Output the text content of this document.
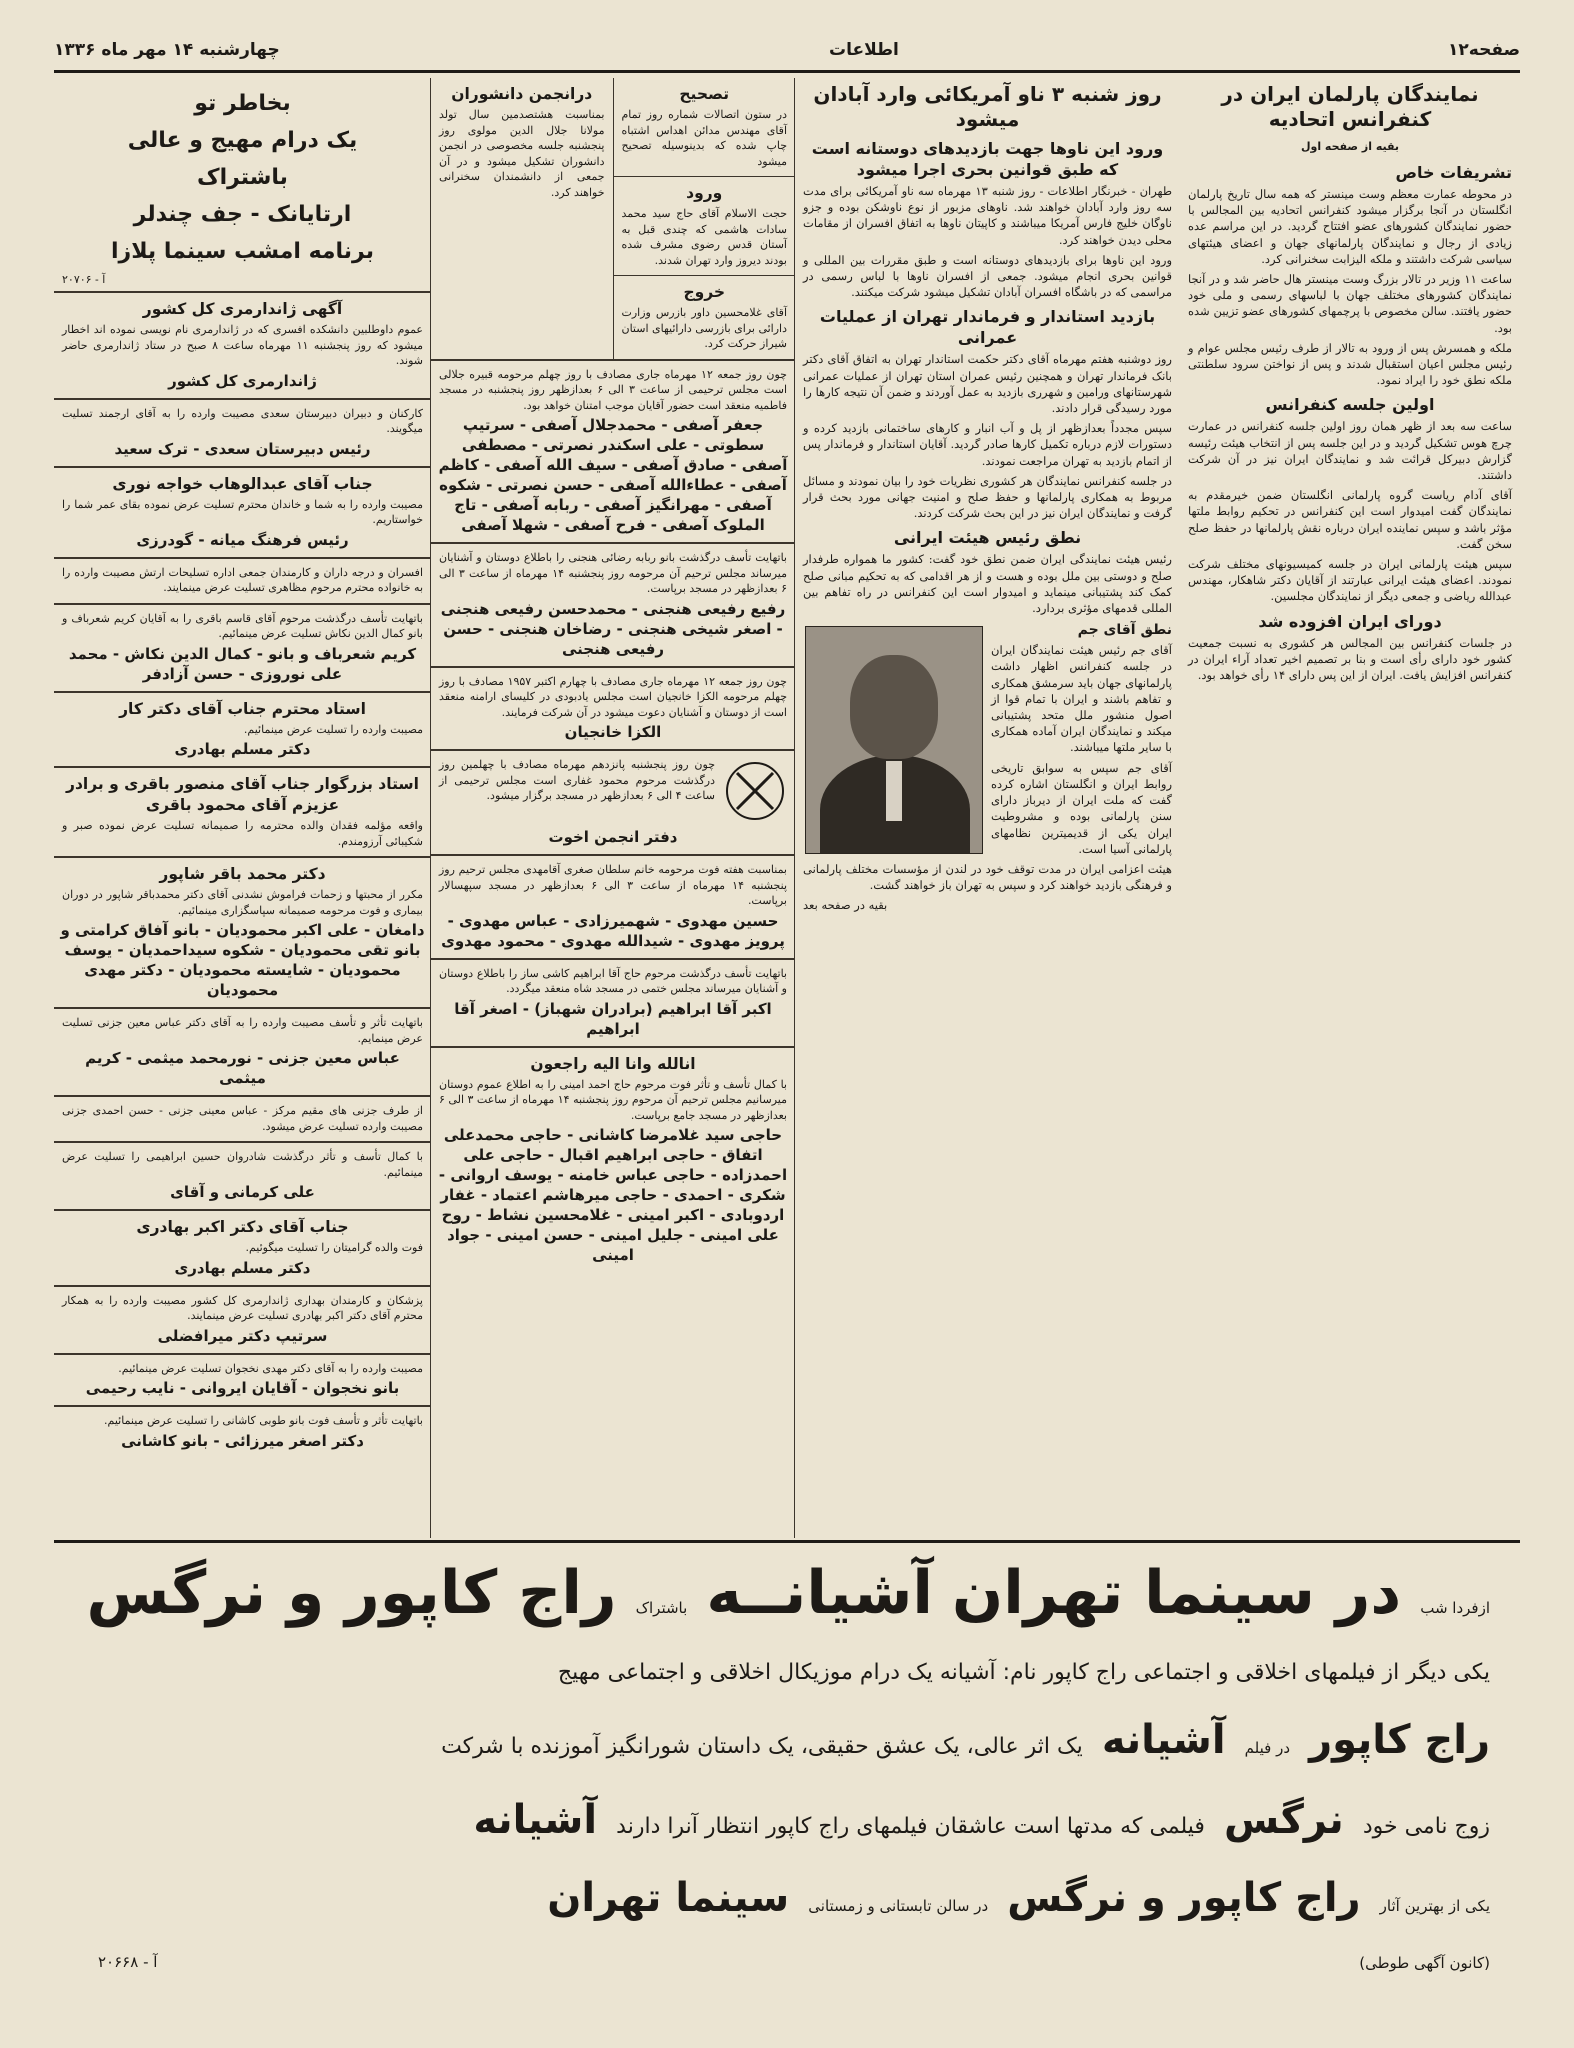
صفحه۱۲
اطلاعات
چهارشنبه ۱۴ مهر ماه ۱۳۳۶
نمایندگان پارلمان ایران در کنفرانس اتحادیه
بقیه از صفحه اول
تشریفات خاص

در محوطه عمارت معظم وست مینستر که همه سال تاریخ پارلمان انگلستان در آنجا برگزار میشود کنفرانس اتحادیه بین المجالس با حضور نمایندگان کشورهای عضو افتتاح گردید. در این مراسم عده زیادی از رجال و نمایندگان پارلمانهای جهان و اعضای هیئتهای سیاسی شرکت داشتند و ملکه الیزابت سخنرانی کرد.

ساعت ۱۱ وزیر در تالار بزرگ وست مینستر هال حاضر شد و در آنجا نمایندگان کشورهای مختلف جهان با لباسهای رسمی و ملی خود حضور یافتند. سالن مخصوص با پرچمهای کشورهای عضو تزیین شده بود.

ملکه و همسرش پس از ورود به تالار از طرف رئیس مجلس عوام و رئیس مجلس اعیان استقبال شدند و پس از نواختن سرود سلطنتی ملکه نطق خود را ایراد نمود.

اولین جلسه کنفرانس

ساعت سه بعد از ظهر همان روز اولین جلسه کنفرانس در عمارت چرچ هوس تشکیل گردید و در این جلسه پس از انتخاب هیئت رئیسه گزارش دبیرکل قرائت شد و نمایندگان ایران نیز در آن شرکت داشتند.

آقای آدام ریاست گروه پارلمانی انگلستان ضمن خیرمقدم به نمایندگان گفت امیدوار است این کنفرانس در تحکیم روابط ملتها مؤثر باشد و سپس نماینده ایران درباره نقش پارلمانها در حفظ صلح سخن گفت.

سپس هیئت پارلمانی ایران در جلسه کمیسیونهای مختلف شرکت نمودند. اعضای هیئت ایرانی عبارتند از آقایان دکتر شاهکار، مهندس عبدالله ریاضی و جمعی دیگر از نمایندگان مجلسین.

دورای ایران افزوده شد

در جلسات کنفرانس بین المجالس هر کشوری به نسبت جمعیت کشور خود دارای رأی است و بنا بر تصمیم اخیر تعداد آراء ایران در کنفرانس افزایش یافت. ایران از این پس دارای ۱۴ رأی خواهد بود.

روز شنبه ۳ ناو آمریکائی وارد آبادان میشود
ورود این ناوها جهت بازدیدهای دوستانه است که طبق قوانین بحری اجرا میشود

طهران - خبرنگار اطلاعات - روز شنبه ۱۳ مهرماه سه ناو آمریکائی برای مدت سه روز وارد آبادان خواهند شد. ناوهای مزبور از نوع ناوشکن بوده و جزو ناوگان خلیج فارس آمریکا میباشند و کاپیتان ناوها به اتفاق افسران از مقامات محلی دیدن خواهند کرد.

ورود این ناوها برای بازدیدهای دوستانه است و طبق مقررات بین المللی و قوانین بحری انجام میشود. جمعی از افسران ناوها با لباس رسمی در مراسمی که در باشگاه افسران آبادان تشکیل میشود شرکت میکنند.

بازدید استاندار و فرماندار تهران از عملیات عمرانی

روز دوشنبه هفتم مهرماه آقای دکتر حکمت استاندار تهران به اتفاق آقای دکتر بانک فرماندار تهران و همچنین رئیس عمران استان تهران از عملیات عمرانی شهرستانهای ورامین و شهرری بازدید به عمل آوردند و ضمن آن نتیجه کارها را مورد رسیدگی قرار دادند.

سپس مجدداً بعدازظهر از پل و آب انبار و کارهای ساختمانی بازدید کرده و دستورات لازم درباره تکمیل کارها صادر گردید. آقایان استاندار و فرماندار پس از اتمام بازدید به تهران مراجعت نمودند.

در جلسه کنفرانس نمایندگان هر کشوری نظریات خود را بیان نمودند و مسائل مربوط به همکاری پارلمانها و حفظ صلح و امنیت جهانی مورد بحث قرار گرفت و نمایندگان ایران نیز در این بحث شرکت کردند.

نطق رئیس هیئت ایرانی

رئیس هیئت نمایندگی ایران ضمن نطق خود گفت: کشور ما همواره طرفدار صلح و دوستی بین ملل بوده و هست و از هر اقدامی که به تحکیم مبانی صلح کمک کند پشتیبانی مینماید و امیدوار است این کنفرانس در راه تفاهم بین المللی قدمهای مؤثری بردارد.

نطق آقای جم

آقای جم رئیس هیئت نمایندگان ایران در جلسه کنفرانس اظهار داشت پارلمانهای جهان باید سرمشق همکاری و تفاهم باشند و ایران با تمام قوا از اصول منشور ملل متحد پشتیبانی میکند و نمایندگان ایران آماده همکاری با سایر ملتها میباشند.

آقای جم سپس به سوابق تاریخی روابط ایران و انگلستان اشاره کرده گفت که ملت ایران از دیرباز دارای سنن پارلمانی بوده و مشروطیت ایران یکی از قدیمیترین نظامهای پارلمانی آسیا است.

هیئت اعزامی ایران در مدت توقف خود در لندن از مؤسسات مختلف پارلمانی و فرهنگی بازدید خواهند کرد و سپس به تهران باز خواهند گشت.

بقیه در صفحه بعد

تصحیح
در ستون اتصالات شماره روز تمام آقای مهندس مدائن اهداس اشتباه چاپ شده که بدینوسیله تصحیح میشود
ورود
حجت الاسلام آقای حاج سید محمد سادات هاشمی که چندی قبل به آستان قدس رضوی مشرف شده بودند دیروز وارد تهران شدند.
خروج
آقای غلامحسین داور بازرس وزارت دارائی برای بازرسی دارائیهای استان شیراز حرکت کرد.
درانجمن دانشوران
بمناسبت هشتصدمین سال تولد مولانا جلال الدین مولوی روز پنجشنبه جلسه مخصوصی در انجمن دانشوران تشکیل میشود و در آن جمعی از دانشمندان سخنرانی خواهند کرد.
چون روز جمعه ۱۲ مهرماه جاری مصادف با روز چهلم مرحومه قبیره جلالی است مجلس ترحیمی از ساعت ۳ الی ۶ بعدازظهر روز پنجشنبه در مسجد فاطمیه منعقد است حضور آقایان موجب امتنان خواهد بود.
جعفر آصفی - محمدجلال آصفی - سرتیپ سطوتی - علی اسکندر نصرتی - مصطفی آصفی - صادق آصفی - سیف الله آصفی - کاظم آصفی - عطاءالله آصفی - حسن نصرتی - شکوه آصفی - مهرانگیز آصفی - ربابه آصفی - تاج الملوک آصفی - فرح آصفی - شهلا آصفی
باتهایت تأسف درگذشت بانو ربابه رضائی هنجنی را باطلاع دوستان و آشنایان میرساند مجلس ترحیم آن مرحومه روز پنجشنبه ۱۴ مهرماه از ساعت ۳ الی ۶ بعدازظهر در مسجد برپاست.
رفیع رفیعی هنجنی - محمدحسن رفیعی هنجنی - اصغر شیخی هنجنی - رضاخان هنجنی - حسن رفیعی هنجنی
چون روز جمعه ۱۲ مهرماه جاری مصادف با چهارم اکتبر ۱۹۵۷ مصادف با روز چهلم مرحومه الکزا خانجیان است مجلس یادبودی در کلیسای ارامنه منعقد است از دوستان و آشنایان دعوت میشود در آن شرکت فرمایند.
الکزا خانجیان
چون روز پنجشنبه پانزدهم مهرماه مصادف با چهلمین روز درگذشت مرحوم محمود غفاری است مجلس ترحیمی از ساعت ۴ الی ۶ بعدازظهر در مسجد برگزار میشود.
دفتر انجمن اخوت
بمناسبت هفته فوت مرحومه خانم سلطان صغری آقامهدی مجلس ترحیم روز پنجشنبه ۱۴ مهرماه از ساعت ۳ الی ۶ بعدازظهر در مسجد سپهسالار برپاست.
حسین مهدوی - شهمیرزادی - عباس مهدوی - پرویز مهدوی - شیدالله مهدوی - محمود مهدوی
باتهایت تأسف درگذشت مرحوم حاج آقا ابراهیم کاشی ساز را باطلاع دوستان و آشنایان میرساند مجلس ختمی در مسجد شاه منعقد میگردد.
اکبر آقا ابراهیم (برادران شهباز) - اصغر آقا ابراهیم
انالله وانا الیه راجعون
با کمال تأسف و تأثر فوت مرحوم حاج احمد امینی را به اطلاع عموم دوستان میرسانیم مجلس ترحیم آن مرحوم روز پنجشنبه ۱۴ مهرماه از ساعت ۳ الی ۶ بعدازظهر در مسجد جامع برپاست.
حاجی سید غلامرضا کاشانی - حاجی محمدعلی اتفاق - حاجی ابراهیم اقبال - حاجی علی احمدزاده - حاجی عباس خامنه - یوسف اروانی - شکری - احمدی - حاجی میرهاشم اعتماد - غفار اردوبادی - اکبر امینی - غلامحسین نشاط - روح علی امینی - جلیل امینی - حسن امینی - جواد امینی
بخاطر تو
یک درام مهیج و عالی
باشتراک
ارتایانک - جف چندلر
برنامه امشب سینما پلازا
آ - ۲۰۷۰۶
آگهی ژاندارمری کل کشور
عموم داوطلبین دانشکده افسری که در ژاندارمری نام نویسی نموده اند اخطار میشود که روز پنجشنبه ۱۱ مهرماه ساعت ۸ صبح در ستاد ژاندارمری حاضر شوند.
ژاندارمری کل کشور
کارکنان و دبیران دبیرستان سعدی مصیبت وارده را به آقای ارجمند تسلیت میگویند.
رئیس دبیرستان سعدی - ترک سعید
جناب آقای عبدالوهاب خواجه نوری
مصیبت وارده را به شما و خاندان محترم تسلیت عرض نموده بقای عمر شما را خواستاریم.
رئیس فرهنگ میانه - گودرزی
افسران و درجه داران و کارمندان جمعی اداره تسلیحات ارتش مصیبت وارده را به خانواده محترم مرحوم مظاهری تسلیت عرض مینمایند.
باتهایت تأسف درگذشت مرحوم آقای قاسم باقری را به آقایان کریم شعرباف و بانو کمال الدین نکاش تسلیت عرض مینمائیم.
کریم شعرباف و بانو - کمال الدین نکاش - محمد علی نوروزی - حسن آزادفر
استاد محترم جناب آقای دکتر کار
مصیبت وارده را تسلیت عرض مینمائیم.
دکتر مسلم بهادری
استاد بزرگوار جناب آقای منصور باقری و برادر عزیزم آقای محمود باقری
واقعه مؤلمه فقدان والده محترمه را صمیمانه تسلیت عرض نموده صبر و شکیبائی آرزومندم.
دکتر محمد باقر شاپور
مکرر از محبتها و زحمات فراموش نشدنی آقای دکتر محمدباقر شاپور در دوران بیماری و فوت مرحومه صمیمانه سپاسگزاری مینمائیم.
دامغان - علی اکبر محمودیان - بانو آفاق کرامتی و بانو تقی محمودیان - شکوه سیداحمدیان - یوسف محمودیان - شایسته محمودیان - دکتر مهدی محمودیان
باتهایت تأثر و تأسف مصیبت وارده را به آقای دکتر عباس معین جزنی تسلیت عرض مینمایم.
عباس معین جزنی - نورمحمد میثمی - کریم میثمی
از طرف جزنی های مقیم مرکز - عباس معینی جزنی - حسن احمدی جزنی مصیبت وارده تسلیت عرض میشود.
با کمال تأسف و تأثر درگذشت شادروان حسین ابراهیمی را تسلیت عرض مینمائیم.
علی کرمانی و آقای
جناب آقای دکتر اکبر بهادری
فوت والده گرامیتان را تسلیت میگوئیم.
دکتر مسلم بهادری
پزشکان و کارمندان بهداری ژاندارمری کل کشور مصیبت وارده را به همکار محترم آقای دکتر اکبر بهادری تسلیت عرض مینمایند.
سرتیپ دکتر میرافضلی
مصیبت وارده را به آقای دکتر مهدی نخجوان تسلیت عرض مینمائیم.
بانو نخجوان - آقایان ایروانی - نایب رحیمی
باتهایت تأثر و تأسف فوت بانو طوبی کاشانی را تسلیت عرض مینمائیم.
دکتر اصغر میرزائی - بانو کاشانی
ازفردا شب در سینما تهران آشیانــه باشتراک راج کاپور و نرگس
یکی دیگر از فیلمهای اخلاقی و اجتماعی راج کاپور نام: آشیانه یک درام موزیکال اخلاقی و اجتماعی مهیج
راج کاپور در فیلم آشیانه یک اثر عالی، یک عشق حقیقی، یک داستان شورانگیز آموزنده با شرکت
زوج نامی خود نرگس فیلمی که مدتها است عاشقان فیلمهای راج کاپور انتظار آنرا دارند آشیانه
یکی از بهترین آثار راج کاپور و نرگس در سالن تابستانی و زمستانی سینما تهران
(کانون آگهی طوطی)
آ - ۲۰۶۶۸
